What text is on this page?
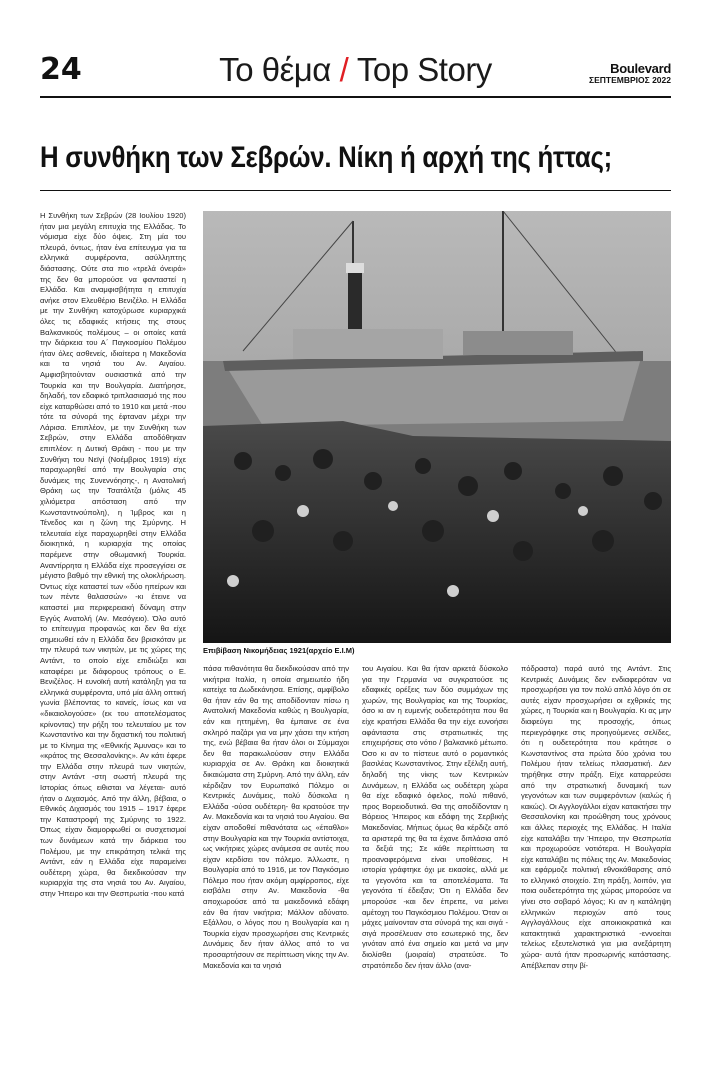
24	Το θέμα / Top Story	Boulevard
ΣΕΠΤΕΜΒΡΙΟΣ 2022
Η συνθήκη των Σεβρών. Νίκη ή αρχή της ήττας;

Η Συνθήκη των Σεβρών (28 Ιουλίου 1920) ήταν μια μεγάλη επιτυχία της Ελλάδας. Το νόμισμα είχε δύο όψεις. Στη μία του πλευρά, όντως, ήταν ένα επίτευγμα για τα ελληνικά συμφέροντα, ασύλληπτης διάστασης. Ούτε στα πιο «τρελά όνειρά» της δεν θα μπορούσε να φανταστεί η Ελλάδα. Και αναμφισβήτητα η επιτυχία ανήκε στον Ελευθέριο Βενιζέλο. Η Ελλάδα με την Συνθήκη κατοχύρωσε κυριαρχικά όλες τις εδαφικές κτήσεις της στους Βαλκανικούς πολέμους – οι οποίες κατά την διάρκεια του Α΄ Παγκοσμίου Πολέμου ήταν όλες ασθενείς, ιδιαίτερα η Μακεδονία και τα νησιά του Αν. Αιγαίου. Αμφισβητούνταν ουσιαστικά από την Τουρκία και την Βουλγαρία. Διατήρησε, δηλαδή, τον εδαφικό τριπλασιασμό της που είχε καταρθώσει από το 1910 και μετά -που τότε τα σύνορά της έφταναν μέχρι την Λάρισα. Επιπλέον, με την Συνθήκη των Σεβρών, στην Ελλάδα αποδόθηκαν επιπλέον: η Δυτική Θράκη - που με την Συνθήκη του Νεϊγί (Νοέμβριος 1919) είχε παραχωρηθεί από την Βουλγαρία στις δυνάμεις της Συνεννόησης-, η Ανατολική Θράκη ως την Τσατάλτζα (μόλις 45 χιλιόμετρα απόσταση από την Κωνσταντινούπολη), η Ίμβρος και η Τένεδος και η ζώνη της Σμύρνης. Η τελευταία είχε παραχωρηθεί στην Ελλάδα διοικητικά, η κυριαρχία της οποίας παρέμενε στην οθωμανική Τουρκία. Αναντίρρητα η Ελλάδα είχε προσεγγίσει σε μέγιστο βαθμό την εθνική της ολοκλήρωση. Όντως είχε καταστεί των «δύο ηπείρων και των πέντε θαλασσών» -κι έτεινε να καταστεί μια περιφερειακή δύναμη στην Εγγύς Ανατολή (Αν. Μεσόγειο). Όλο αυτό το επίτευγμα προφανώς και δεν θα είχε σημειωθεί εάν η Ελλάδα δεν βρισκόταν με την πλευρά των νικητών, με τις χώρες της Αντάντ, το οποίο είχε επιδιώξει και καταφέρει με διάφορους τρόπους ο Ε. Βενιζέλος. Η ευνοϊκή αυτή κατάληξη για τα ελληνικά συμφέροντα, υπό μία άλλη οπτική γωνία βλέποντας το κανείς, ίσως και να «δικαιολογούσε» (εκ του αποτελέσματος κρίνοντας) την ρήξη του τελευταίου με τον Κωνσταντίνο και την διχαστική του πολιτική με το Κίνημα της «Εθνικής Άμυνας» και το «κράτος της Θεσσαλονίκης». Αν κάτι έφερε την Ελλάδα στην πλευρά των νικητών, στην Αντάντ -στη σωστή πλευρά της Ιστορίας όπως ειθισται να λέγεται- αυτό ήταν ο Διχασμός. Από την άλλη, βέβαια, ο Εθνικός Διχασμός του 1915 – 1917 έφερε την Καταστροφή της Σμύρνης το 1922. Όπως είχαν διαμορφωθεί οι συσχετισμοί των δυνάμεων κατά την διάρκεια του Πολέμου, με την επικράτηση τελικά της Αντάντ, εάν η Ελλάδα είχε παραμείνει ουδέτερη χώρα, θα διεκδικούσαν την κυριαρχία της στα νησιά του Αν. Αιγαίου, στην Ήπειρο και την Θεσπρωτία -που κατά

Επιβίβαση Νικομήδειας 1921(αρχείο Ε.Ι.Μ)

πάσα πιθανότητα θα διεκδικούσαν από την νικήτρια Ιταλία, η οποία σημειωτέο ήδη κατείχε τα Δωδεκάνησα. Επίσης, αμφίβολο θα ήταν εάν θα της αποδίδονταν πίσω η Ανατολική Μακεδονία καθώς η Βουλγαρία, εάν και ηττημένη, θα έμπαινε σε ένα σκληρό παζάρι για να μην χάσει την κτήση της, ενώ βέβαια θα ήταν όλοι οι Σύμμαχοι δεν θα παρακωλούσαν στην Ελλάδα κυριαρχία σε Αν. Θράκη και διοικητικά δικαιώματα στη Σμύρνη. Από την άλλη, εάν κέρδιζαν τον Ευρωπαϊκό Πόλεμο οι Κεντρικές Δυνάμεις, πολύ δύσκολα η Ελλάδα -ούσα ουδέτερη- θα κρατούσε την Αν. Μακεδονία και τα νησιά του Αιγαίου. Θα είχαν αποδοθεί πιθανότατα ως «έπαθλο» στην Βουλγαρία και την Τουρκία αντίστοιχα, ως νικήτριες χώρες ανάμεσα σε αυτές που είχαν κερδίσει τον πόλεμο. Άλλωστε, η Βουλγαρία από το 1916, με τον Παγκόσμιο Πόλεμο που ήταν ακόμη αμφίρροπος, είχε εισβάλει στην Αν. Μακεδονία -θα αποχωρούσε από τα μακεδονικά εδάφη εάν θα ήταν νικήτρια; Μάλλον αδύνατο. Εξάλλου, ο λόγος που η Βουλγαρία και η Τουρκία είχαν προσχωρήσει στις Κεντρικές Δυνάμεις δεν ήταν άλλος από το να προσαρτήσουν σε περίπτωση νίκης την Αν. Μακεδονία και τα νησιά

του Αιγαίου. Και θα ήταν αρκετά δύσκολο για την Γερμανία να συγκρατούσε τις εδαφικές ορέξεις των δύο συμμάχων της χωρών, της Βουλγαρίας και της Τουρκίας, όσο κι αν η ευμενής ουδετερότητα που θα είχε κρατήσει Ελλάδα θα την είχε ευνοήσει αφάνταστα στις στρατιωτικές της επιχειρήσεις στο νότιο / βαλκανικό μέτωπο. Όσο κι αν το πίστευε αυτό ο ρομαντικός βασιλέας Κωνσταντίνος. Στην εξέλιξη αυτή, δηλαδή της νίκης των Κεντρικών Δυνάμεων, η Ελλάδα ως ουδέτερη χώρα θα είχε εδαφικό όφελος, πολύ πιθανό, προς Βορειοδυτικά. Θα της αποδίδονταν η Βόρειος Ήπειρος και εδάφη της Σερβικής Μακεδονίας. Μήπως όμως θα κέρδιζε από τα αριστερά της θα τα έχανε διπλάσια από τα δεξιά της; Σε κάθε περίπτωση τα προαναφερόμενα είναι υποθέσεις. Η ιστορία γράφτηκε όχι με εικασίες, αλλά με τα γεγονότα και τα αποτελέσματα. Τα γεγονότα τί έδειξαν; Ότι η Ελλάδα δεν μπορούσε -και δεν έπρεπε, να μείνει αμέτοχη του Παγκόσμιου Πολέμου. Όταν οι μάχες μαίνονταν στα σύνορά της και σιγά - σιγά προσέλευαν στο εσωτερικό της, δεν γινόταν από ένα σημείο και μετά να μην διολίσθει (μοιραία) στρατεύσε. Το στρατόπεδο δεν ήταν άλλο (ανα-

πόδραστα) παρά αυτό της Αντάντ. Στις Κεντρικές Δυνάμεις δεν ενδιαφερόταν να προσχωρήσει για τον πολύ απλό λόγο ότι σε αυτές είχαν προσχωρήσει οι εχθρικές της χώρες, η Τουρκία και η Βουλγαρία. Κι ας μην διαφεύγει της προσοχής, όπως περιεγράφηκε στις προηγούμενες σελίδες, ότι η ουδετερότητα που κράτησε ο Κωνσταντίνος στα πρώτα δύο χρόνια του Πολέμου ήταν τελείως πλασματική. Δεν τηρήθηκε στην πράξη. Είχε καταρρεύσει από την στρατιωτική δυναμική των γεγονότων και των συμφερόντων (καλώς ή κακώς). Οι Αγγλογάλλοι είχαν κατακτήσει την Θεσσαλονίκη και προώθηση τους χρόνους και άλλες περιοχές της Ελλάδας. Η Ιταλία είχε καταλάβει την Ήπειρο, την Θεσπρωτία και προχωρούσε νοτιότερα. Η Βουλγαρία είχε καταλάβει τις πόλεις της Αν. Μακεδονίας και εφάρμοζε πολιτική εθνοκάθαρσης από το ελληνικό στοιχείο. Στη πράξη, λοιπόν, για ποια ουδετερότητα της χώρας μπορούσε να γίνει στο σοβαρό λόγος; Κι αν η κατάληψη ελληνικών περιοχών από τους Αγγλογάλλους είχε αποικιοκρατικά και κατακτητικά χαρακτηριστικά -εννοείται τελείως εξευτελιστικά για μια ανεξάρτητη χώρα- αυτά ήταν προσωρινής κατάστασης. Απέβλεπαν στην βί-
